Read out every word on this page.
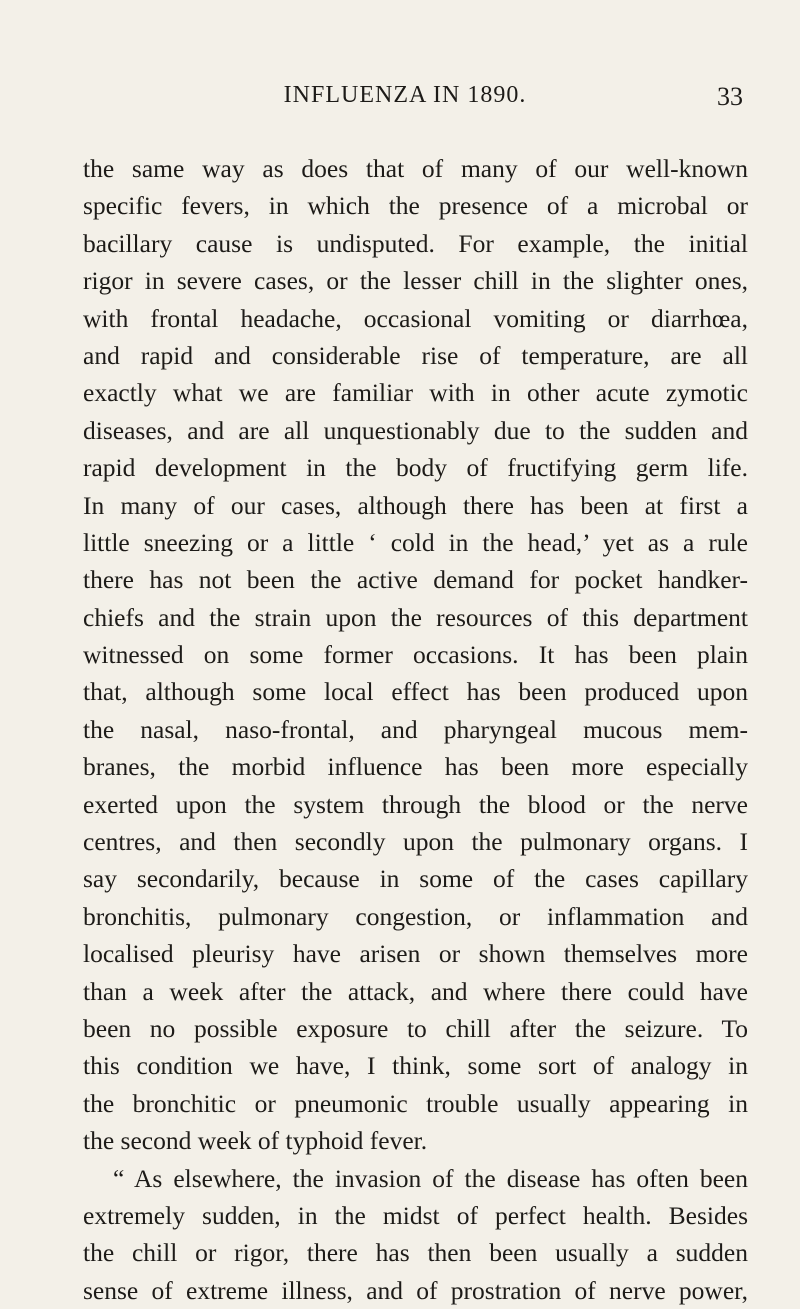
INFLUENZA IN 1890.	33
the same way as does that of many of our well-known
specific fevers, in which the presence of a microbal or
bacillary cause is undisputed. For example, the initial
rigor in severe cases, or the lesser chill in the slighter ones,
with frontal headache, occasional vomiting or diarrhœa,
and rapid and considerable rise of temperature, are all
exactly what we are familiar with in other acute zymotic
diseases, and are all unquestionably due to the sudden and
rapid development in the body of fructifying germ life.
In many of our cases, although there has been at first a
little sneezing or a little ‘ cold in the head,’ yet as a rule
there has not been the active demand for pocket handker-
chiefs and the strain upon the resources of this department
witnessed on some former occasions. It has been plain
that, although some local effect has been produced upon
the nasal, naso-frontal, and pharyngeal mucous mem-
branes, the morbid influence has been more especially
exerted upon the system through the blood or the nerve
centres, and then secondly upon the pulmonary organs. I
say secondarily, because in some of the cases capillary
bronchitis, pulmonary congestion, or inflammation and
localised pleurisy have arisen or shown themselves more
than a week after the attack, and where there could have
been no possible exposure to chill after the seizure. To
this condition we have, I think, some sort of analogy in
the bronchitic or pneumonic trouble usually appearing in
the second week of typhoid fever.
“ As elsewhere, the invasion of the disease has often been
extremely sudden, in the midst of perfect health. Besides
the chill or rigor, there has then been usually a sudden
sense of extreme illness, and of prostration of nerve power,
